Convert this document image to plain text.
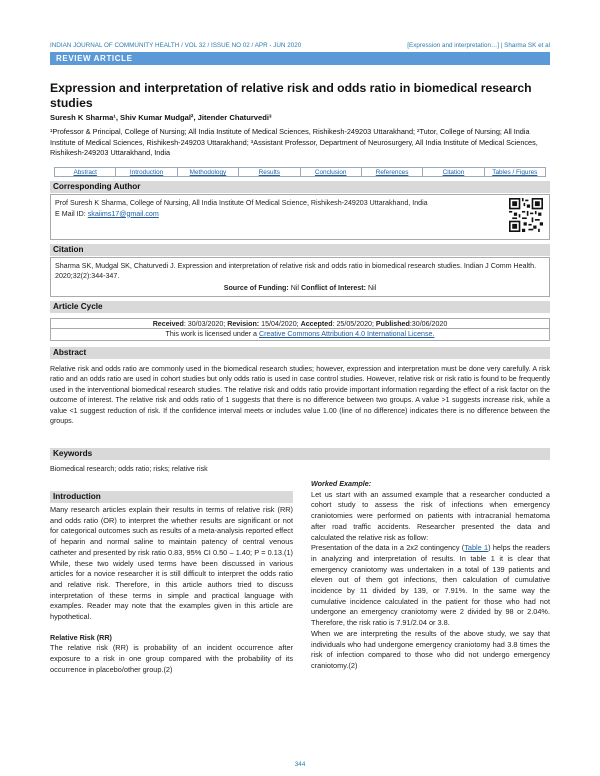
INDIAN JOURNAL OF COMMUNITY HEALTH / VOL 32 / ISSUE NO 02 / APR - JUN 2020	[Expression and interpretation…] | Sharma SK et al
REVIEW ARTICLE
Expression and interpretation of relative risk and odds ratio in biomedical research studies
Suresh K Sharma¹, Shiv Kumar Mudgal², Jitender Chaturvedi³
¹Professor & Principal, College of Nursing; All India Institute of Medical Sciences, Rishikesh-249203 Uttarakhand; ²Tutor, College of Nursing; All India Institute of Medical Sciences, Rishikesh-249203 Uttarakhand; ³Assistant Professor, Department of Neurosurgery, All India Institute of Medical Sciences, Rishikesh-249203 Uttarakhand, India
Abstract	Introduction	Methodology	Results	Conclusion	References	Citation	Tables / Figures
Corresponding Author
Prof Suresh K Sharma, College of Nursing, All India Institute Of Medical Science, Rishikesh-249203 Uttarakhand, India
E Mail ID: skaiims17@gmail.com
Citation
Sharma SK, Mudgal SK, Chaturvedi J. Expression and interpretation of relative risk and odds ratio in biomedical research studies. Indian J Comm Health. 2020;32(2):344-347.
Source of Funding: Nil Conflict of Interest: Nil
Article Cycle
Received: 30/03/2020; Revision: 15/04/2020; Accepted: 25/05/2020; Published:30/06/2020
This work is licensed under a Creative Commons Attribution 4.0 International License.
Abstract
Relative risk and odds ratio are commonly used in the biomedical research studies; however, expression and interpretation must be done very carefully. A risk ratio and an odds ratio are used in cohort studies but only odds ratio is used in case control studies. However, relative risk or risk ratio is found to be frequently used in the interventional biomedical research studies. The relative risk and odds ratio provide important information regarding the effect of a risk factor on the outcome of interest. The relative risk and odds ratio of 1 suggests that there is no difference between two groups. A value >1 suggests increase risk, while a value <1 suggest reduction of risk. If the confidence interval meets or includes value 1.00 (line of no difference) indicates there is no difference between the groups.
Keywords
Biomedical research; odds ratio; risks; relative risk
Introduction

Many research articles explain their results in terms of relative risk (RR) and odds ratio (OR) to interpret the whether results are significant or not for categorical outcomes such as results of a meta-analysis reported effect of heparin and normal saline to maintain patency of central venous catheter and presented by risk ratio 0.83, 95% CI 0.50 – 1.40; P = 0.13.(1) While, these two widely used terms have been discussed in various articles for a novice researcher it is still difficult to interpret the odds ratio and relative risk. Therefore, in this article authors tried to discuss interpretation of these terms in simple and practical language with examples. Reader may note that the examples given in this article are hypothetical.

Relative Risk (RR)

The relative risk (RR) is probability of an incident occurrence after exposure to a risk in one group compared with the probability of its occurrence in placebo/other group.(2)

Worked Example:

Let us start with an assumed example that a researcher conducted a cohort study to assess the risk of infections when emergency craniotomies were performed on patients with intracranial hematoma after road traffic accidents. Researcher presented the data and calculated the relative risk as follow:

Presentation of the data in a 2x2 contingency (Table 1) helps the readers in analyzing and interpretation of results. In table 1 it is clear that emergency craniotomy was undertaken in a total of 139 patients and eleven out of them got infections, then calculation of cumulative incidence by 11 divided by 139, or 7.91%. In the same way the cumulative incidence calculated in the patient for those who had not undergone an emergency craniotomy were 2 divided by 98 or 2.04%. Therefore, the risk ratio is 7.91/2.04 or 3.8.

When we are interpreting the results of the above study, we say that individuals who had undergone emergency craniotomy had 3.8 times the risk of infection compared to those who did not undergo emergency craniotomy.(2)

344
